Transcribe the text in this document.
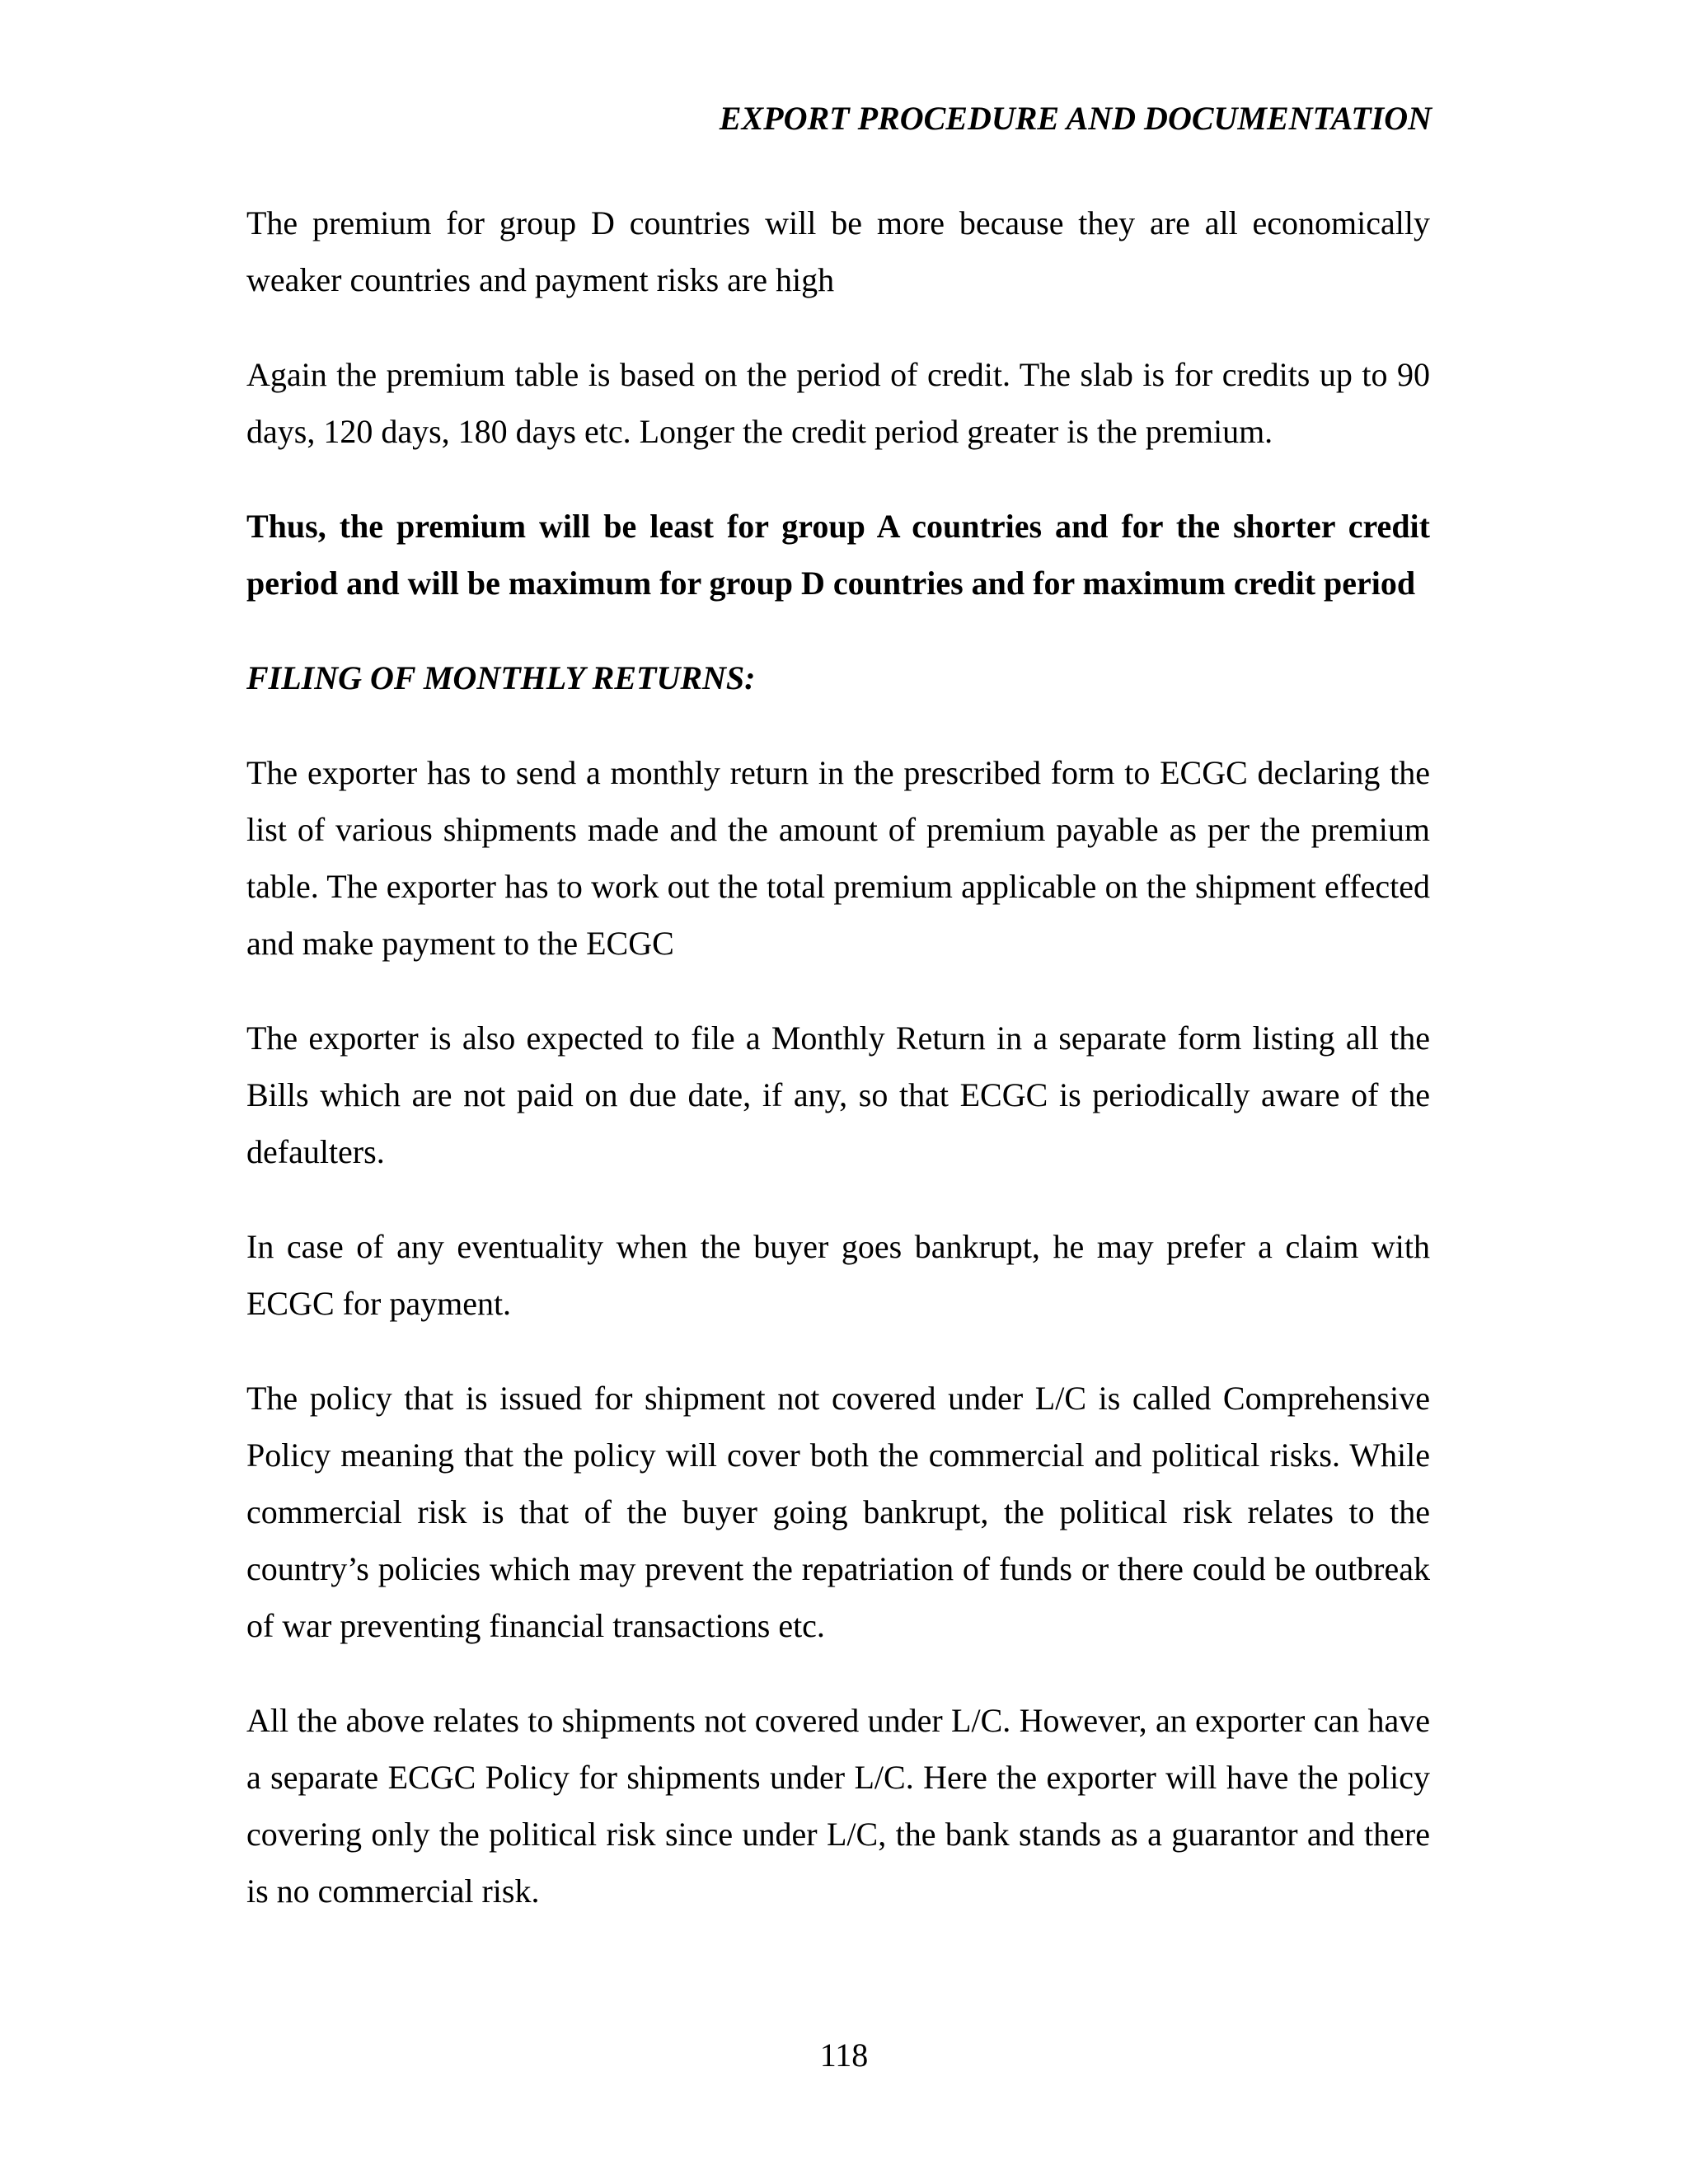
EXPORT PROCEDURE AND DOCUMENTATION

The premium for group D countries will be more because they are all economically weaker countries and payment risks are high

Again the premium table is based on the period of credit. The slab is for credits up to 90 days, 120 days, 180 days etc. Longer the credit period greater is the premium.

Thus, the premium will be least for group A countries and for the shorter credit period and will be maximum for group D countries and for maximum credit period

FILING OF MONTHLY RETURNS:

The exporter has to send a monthly return in the prescribed form to ECGC declaring the list of various shipments made and the amount of premium payable as per the premium table. The exporter has to work out the total premium applicable on the shipment effected and make payment to the ECGC

The exporter is also expected to file a Monthly Return in a separate form listing all the Bills which are not paid on due date, if any, so that ECGC is periodically aware of the defaulters.

In case of any eventuality when the buyer goes bankrupt, he may prefer a claim with ECGC for payment.

The policy that is issued for shipment not covered under L/C is called Comprehensive Policy meaning that the policy will cover both the commercial and political risks. While commercial risk is that of the buyer going bankrupt, the political risk relates to the country’s policies which may prevent the repatriation of funds or there could be outbreak of war preventing financial transactions etc.

All the above relates to shipments not covered under L/C. However, an exporter can have a separate ECGC Policy for shipments under L/C. Here the exporter will have the policy covering only the political risk since under L/C, the bank stands as a guarantor and there is no commercial risk.

118
